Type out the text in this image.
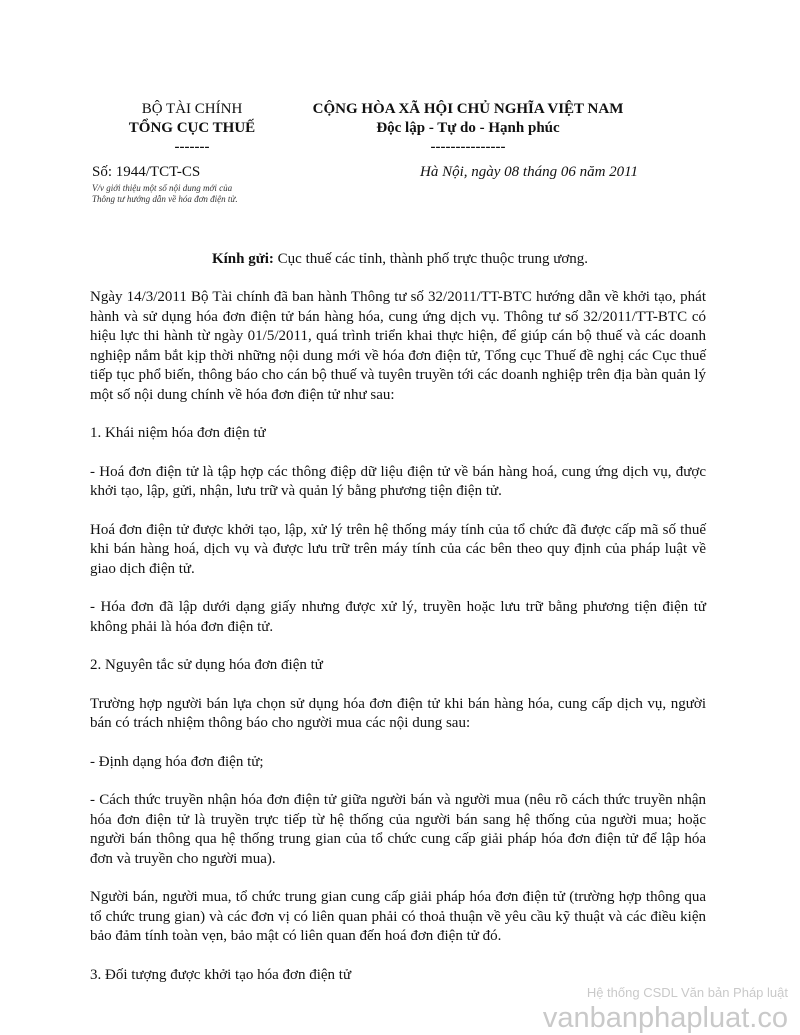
BỘ TÀI CHÍNH
TỔNG CỤC THUẾ
-------
CỘNG HÒA XÃ HỘI CHỦ NGHĨA VIỆT NAM
Độc lập - Tự do - Hạnh phúc
---------------
Số: 1944/TCT-CS
V/v giới thiệu một số nội dung mới của
Thông tư hướng dẫn về hóa đơn điện tử.
Hà Nội, ngày 08 tháng 06 năm 2011
Kính gửi: Cục thuế các tỉnh, thành phố trực thuộc trung ương.

Ngày 14/3/2011 Bộ Tài chính đã ban hành Thông tư số 32/2011/TT-BTC hướng dẫn về khởi tạo, phát hành và sử dụng hóa đơn điện tử bán hàng hóa, cung ứng dịch vụ. Thông tư số 32/2011/TT-BTC có hiệu lực thi hành từ ngày 01/5/2011, quá trình triển khai thực hiện, để giúp cán bộ thuế và các doanh nghiệp nắm bắt kịp thời những nội dung mới về hóa đơn điện tử, Tổng cục Thuế đề nghị các Cục thuế tiếp tục phổ biến, thông báo cho cán bộ thuế và tuyên truyền tới các doanh nghiệp trên địa bàn quản lý một số nội dung chính về hóa đơn điện tử như sau:

1. Khái niệm hóa đơn điện tử

- Hoá đơn điện tử là tập hợp các thông điệp dữ liệu điện tử về bán hàng hoá, cung ứng dịch vụ, được khởi tạo, lập, gửi, nhận, lưu trữ và quản lý bằng phương tiện điện tử.

Hoá đơn điện tử được khởi tạo, lập, xử lý trên hệ thống máy tính của tổ chức đã được cấp mã số thuế khi bán hàng hoá, dịch vụ và được lưu trữ trên máy tính của các bên theo quy định của pháp luật về giao dịch điện tử.

- Hóa đơn đã lập dưới dạng giấy nhưng được xử lý, truyền hoặc lưu trữ bằng phương tiện điện tử không phải là hóa đơn điện tử.

2. Nguyên tắc sử dụng hóa đơn điện tử

Trường hợp người bán lựa chọn sử dụng hóa đơn điện tử khi bán hàng hóa, cung cấp dịch vụ, người bán có trách nhiệm thông báo cho người mua các nội dung sau:

- Định dạng hóa đơn điện tử;

- Cách thức truyền nhận hóa đơn điện tử giữa người bán và người mua (nêu rõ cách thức truyền nhận hóa đơn điện tử là truyền trực tiếp từ hệ thống của người bán sang hệ thống của người mua; hoặc người bán thông qua hệ thống trung gian của tổ chức cung cấp giải pháp hóa đơn điện tử để lập hóa đơn và truyền cho người mua).

Người bán, người mua, tổ chức trung gian cung cấp giải pháp hóa đơn điện tử (trường hợp thông qua tổ chức trung gian) và các đơn vị có liên quan phải có thoả thuận về yêu cầu kỹ thuật và các điều kiện bảo đảm tính toàn vẹn, bảo mật có liên quan đến hoá đơn điện tử đó.

3. Đối tượng được khởi tạo hóa đơn điện tử

Hệ thống CSDL Văn bản Pháp luật
vanbanphapluat.co
